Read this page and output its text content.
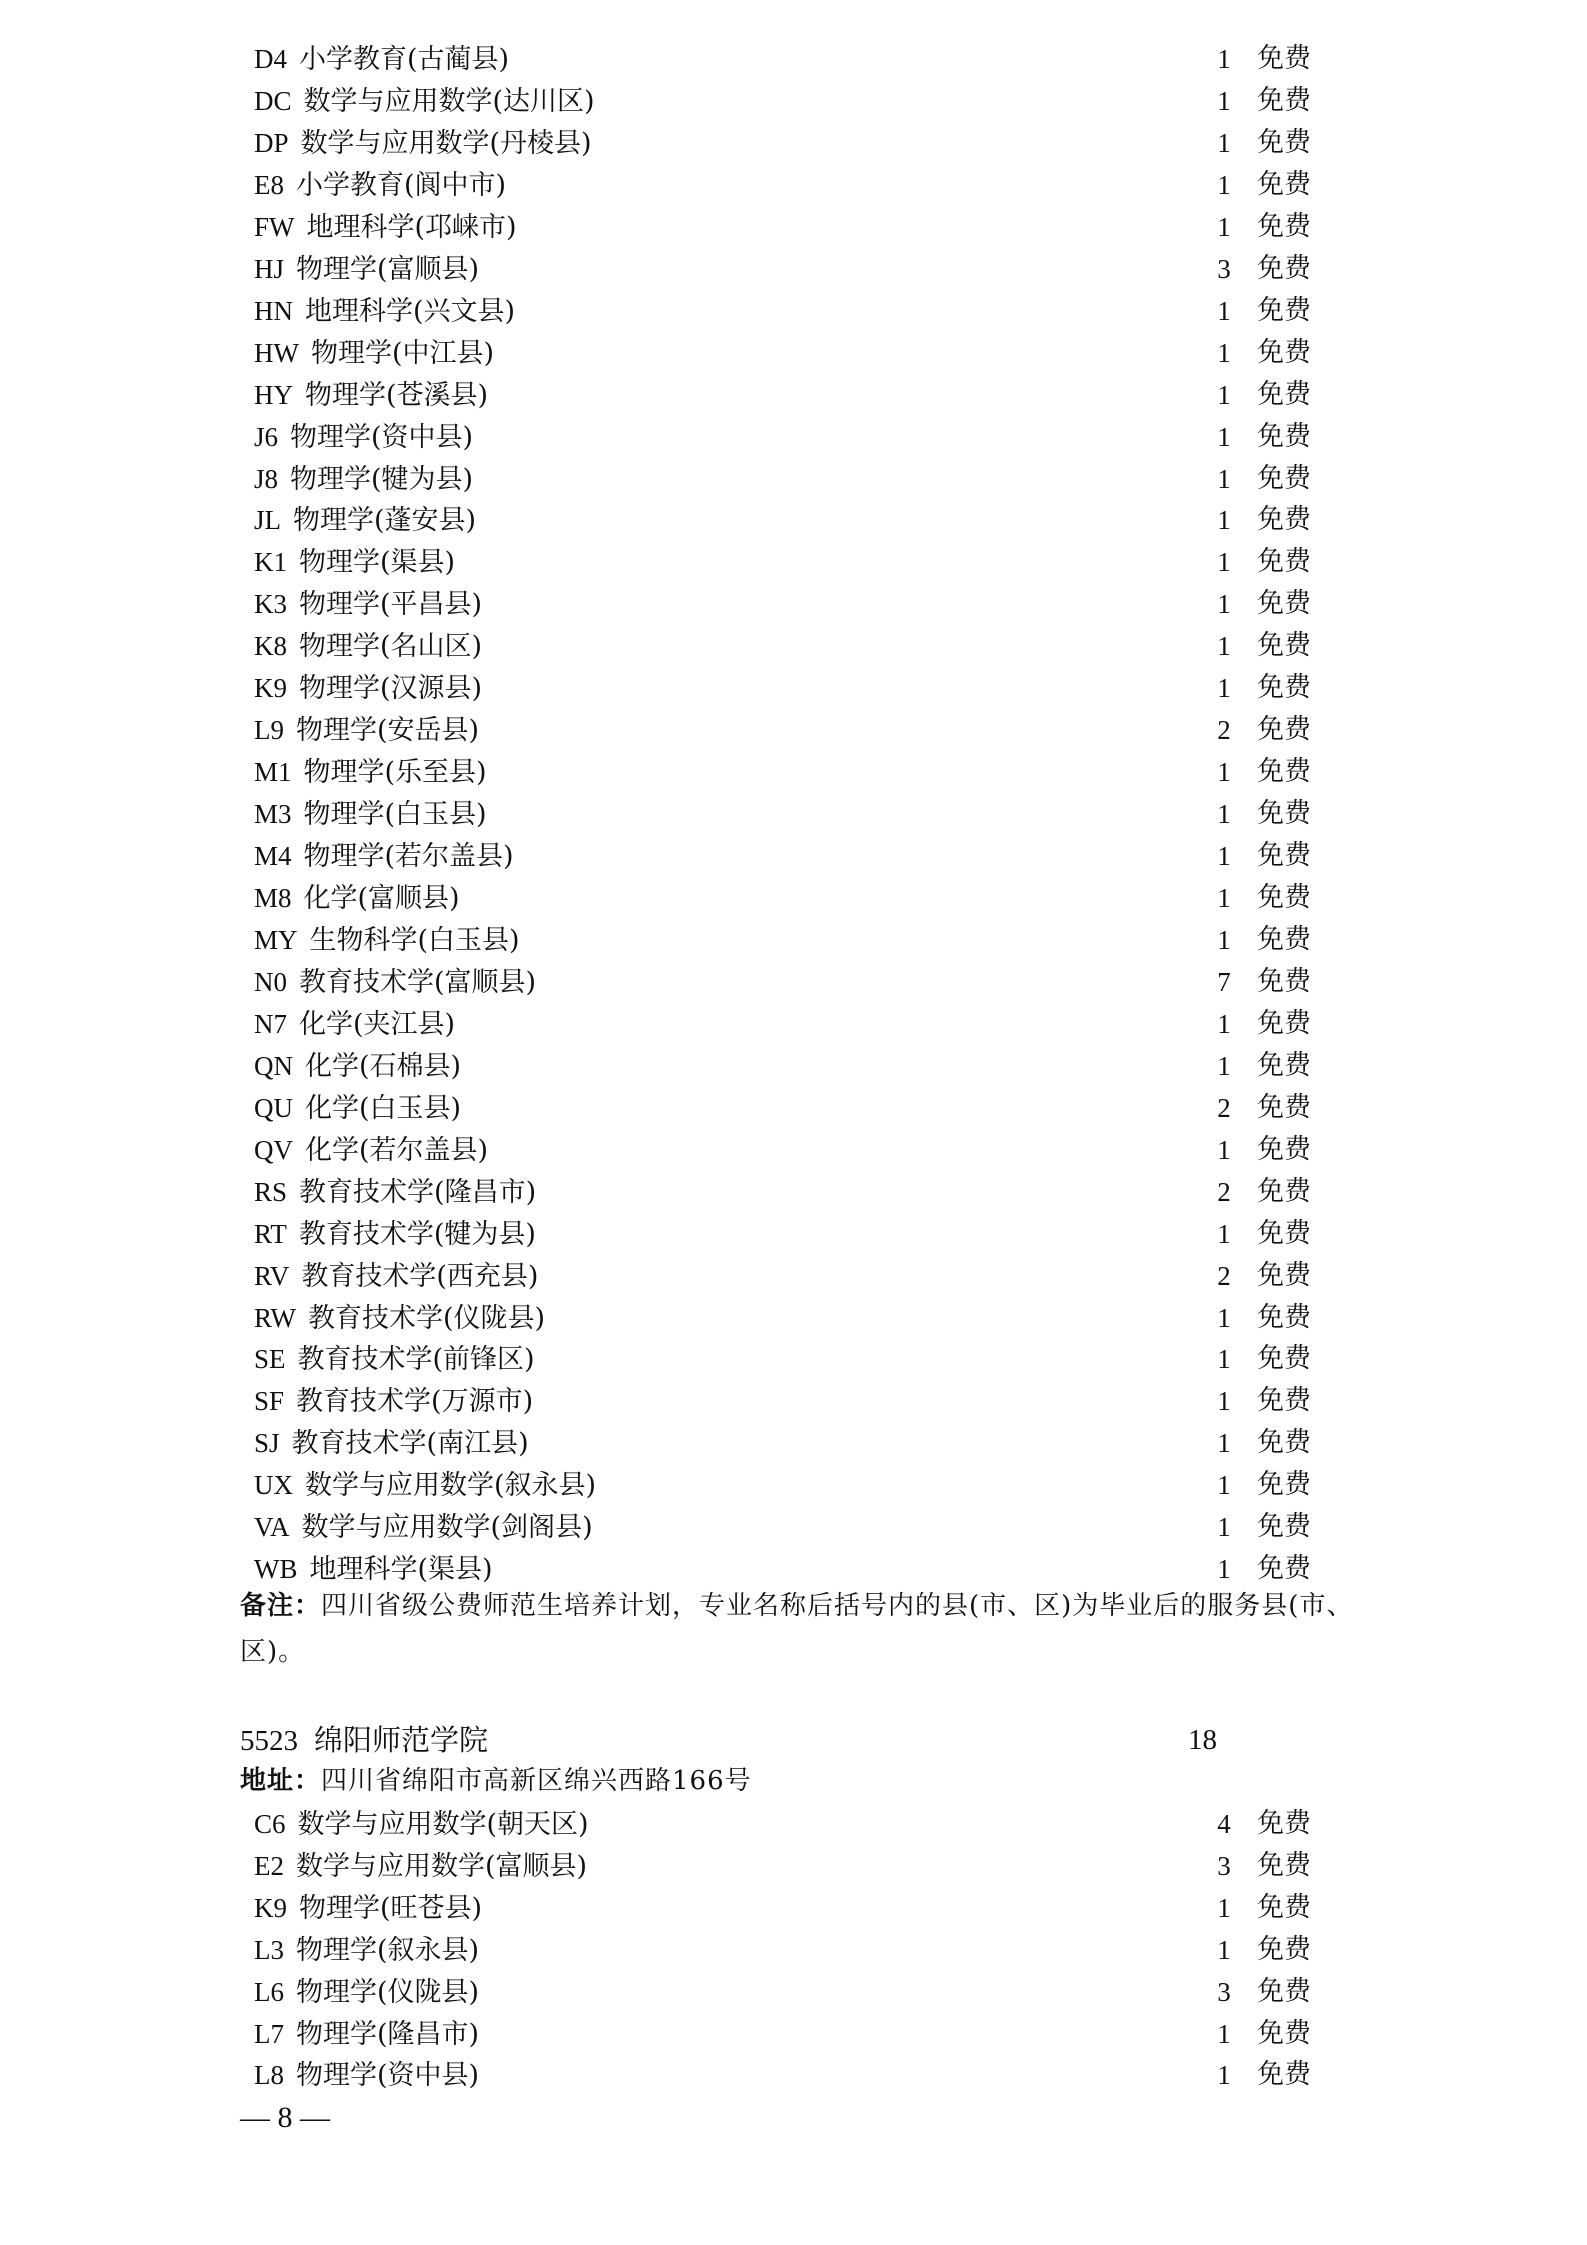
D4 小学教育(古蔺县)	1 免费
DC 数学与应用数学(达川区)	1 免费
DP 数学与应用数学(丹棱县)	1 免费
E8 小学教育(阆中市)	1 免费
FW 地理科学(邛崃市)	1 免费
HJ 物理学(富顺县)	3 免费
HN 地理科学(兴文县)	1 免费
HW 物理学(中江县)	1 免费
HY 物理学(苍溪县)	1 免费
J6 物理学(资中县)	1 免费
J8 物理学(犍为县)	1 免费
JL 物理学(蓬安县)	1 免费
K1 物理学(渠县)	1 免费
K3 物理学(平昌县)	1 免费
K8 物理学(名山区)	1 免费
K9 物理学(汉源县)	1 免费
L9 物理学(安岳县)	2 免费
M1 物理学(乐至县)	1 免费
M3 物理学(白玉县)	1 免费
M4 物理学(若尔盖县)	1 免费
M8 化学(富顺县)	1 免费
MY 生物科学(白玉县)	1 免费
N0 教育技术学(富顺县)	7 免费
N7 化学(夹江县)	1 免费
QN 化学(石棉县)	1 免费
QU 化学(白玉县)	2 免费
QV 化学(若尔盖县)	1 免费
RS 教育技术学(隆昌市)	2 免费
RT 教育技术学(犍为县)	1 免费
RV 教育技术学(西充县)	2 免费
RW 教育技术学(仪陇县)	1 免费
SE 教育技术学(前锋区)	1 免费
SF 教育技术学(万源市)	1 免费
SJ 教育技术学(南江县)	1 免费
UX 数学与应用数学(叙永县)	1 免费
VA 数学与应用数学(剑阁县)	1 免费
WB 地理科学(渠县)	1 免费
备注：四川省级公费师范生培养计划，专业名称后括号内的县(市、区)为毕业后的服务县(市、
区)。
5523 绵阳师范学院	18
地址：四川省绵阳市高新区绵兴西路166号
C6 数学与应用数学(朝天区)	4 免费
E2 数学与应用数学(富顺县)	3 免费
K9 物理学(旺苍县)	1 免费
L3 物理学(叙永县)	1 免费
L6 物理学(仪陇县)	3 免费
L7 物理学(隆昌市)	1 免费
L8 物理学(资中县)	1 免费
— 8 —
